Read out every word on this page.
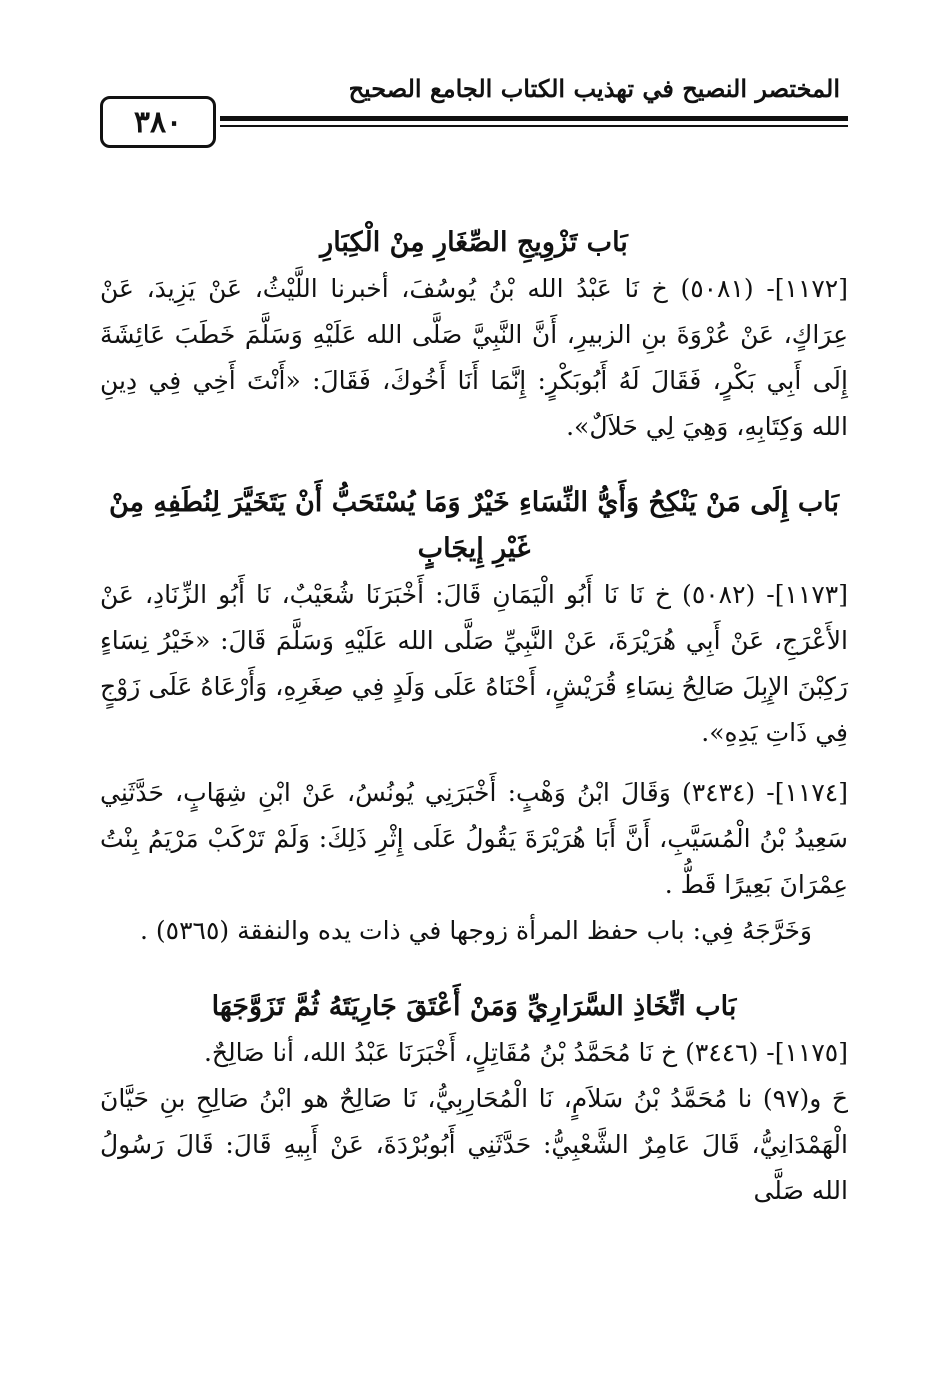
المختصر النصيح في تهذيب الكتاب الجامع الصحيح
٣٨٠
بَاب تَزْوِيجِ الصِّغَارِ مِنْ الْكِبَارِ

[١١٧٢]- (٥٠٨١) خ نَا عَبْدُ الله بْنُ يُوسُفَ، أخبرنا اللَّيْثُ، عَنْ يَزِيدَ، عَنْ عِرَاكٍ، عَنْ عُرْوَةَ بنِ الزبيرِ، أَنَّ النَّبِيَّ صَلَّى الله عَلَيْهِ وَسَلَّمَ خَطَبَ عَائِشَةَ إِلَى أَبِي بَكْرٍ، فَقَالَ لَهُ أَبُوبَكْرٍ: إِنَّمَا أَنَا أَخُوكَ، فَقَالَ: «أَنْتَ أَخِي فِي دِينِ الله وَكِتَابِهِ، وَهِيَ لِي حَلاَلٌ».

بَاب إِلَى مَنْ يَنْكِحُ وَأَيُّ النِّسَاءِ خَيْرٌ وَمَا يُسْتَحَبُّ أَنْ يَتَخَيَّرَ لِنُطَفِهِ مِنْ غَيْرِ إِيجَابٍ

[١١٧٣]- (٥٠٨٢) خ نَا نَا أَبُو الْيَمَانِ قَالَ: أَخْبَرَنَا شُعَيْبٌ، نَا أَبُو الزِّنَادِ، عَنْ الأَعْرَجِ، عَنْ أَبِي هُرَيْرَةَ، عَنْ النَّبِيِّ صَلَّى الله عَلَيْهِ وَسَلَّمَ قَالَ: «خَيْرُ نِسَاءٍ رَكِبْنَ الإِبِلَ صَالِحُ نِسَاءِ قُرَيْشٍ، أَحْنَاهُ عَلَى وَلَدٍ فِي صِغَرِهِ، وَأَرْعَاهُ عَلَى زَوْجٍ فِي ذَاتِ يَدِهِ».

[١١٧٤]- (٣٤٣٤) وَقَالَ ابْنُ وَهْبٍ: أَخْبَرَنِي يُونُسُ، عَنْ ابْنِ شِهَابٍ، حَدَّثَنِي سَعِيدُ بْنُ الْمُسَيَّبِ، أَنَّ أَبَا هُرَيْرَةَ يَقُولُ عَلَى إِثْرِ ذَلِكَ: وَلَمْ تَرْكَبْ مَرْيَمُ بِنْتُ عِمْرَانَ بَعِيرًا قَطُّ .

وَخَرَّجَهُ فِي: باب حفظ المرأة زوجها في ذات يده والنفقة (٥٣٦٥) .

بَاب اتِّخَاذِ السَّرَارِيِّ وَمَنْ أَعْتَقَ جَارِيَتَهُ ثُمَّ تَزَوَّجَهَا

[١١٧٥]- (٣٤٤٦) خ نَا مُحَمَّدُ بْنُ مُقَاتِلٍ، أَخْبَرَنَا عَبْدُ الله، أنا صَالِحٌ.

حَ و(٩٧) نا مُحَمَّدُ بْنُ سَلاَمٍ، نَا الْمُحَارِبِيُّ، نَا صَالِحٌ هو ابْنُ صَالِحِ بنِ حَيَّانَ الْهَمْدَانِيُّ، قَالَ عَامِرٌ الشَّعْبِيُّ: حَدَّثَنِي أَبُوبُرْدَةَ، عَنْ أَبِيهِ قَالَ: قَالَ رَسُولُ الله صَلَّى
